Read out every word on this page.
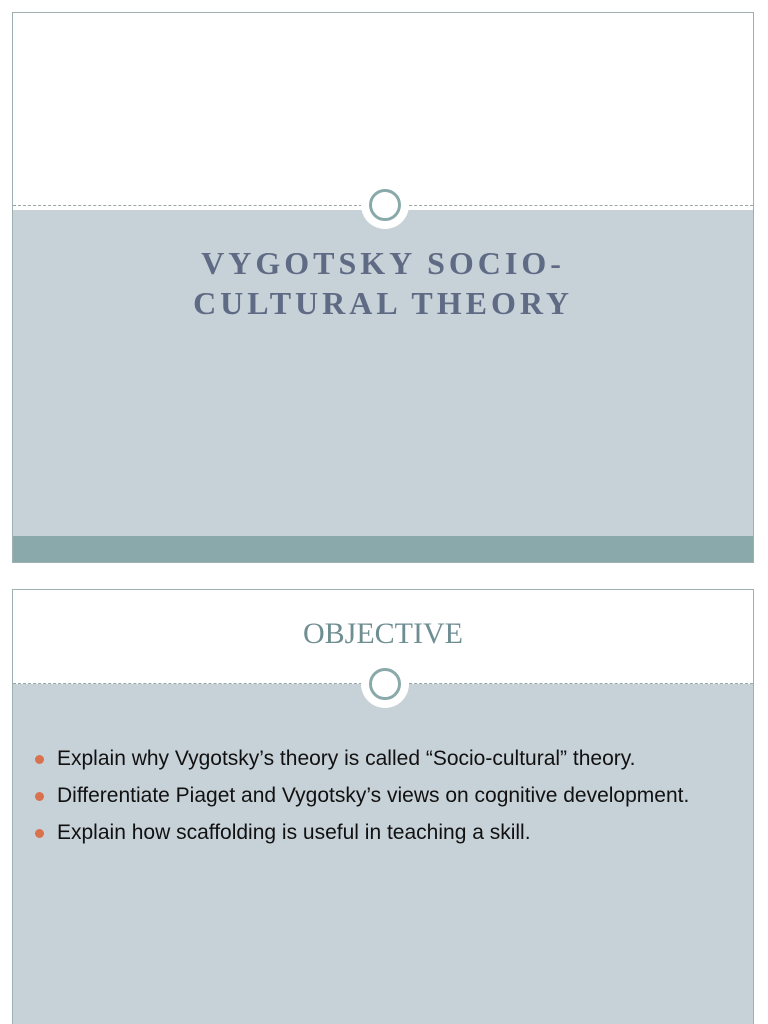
VYGOTSKY SOCIO-
CULTURAL THEORY
OBJECTIVE
Explain why Vygotsky’s theory is called “Socio-cultural” theory.
Differentiate Piaget and Vygotsky’s views on cognitive development.
Explain how scaffolding is useful in teaching a skill.
